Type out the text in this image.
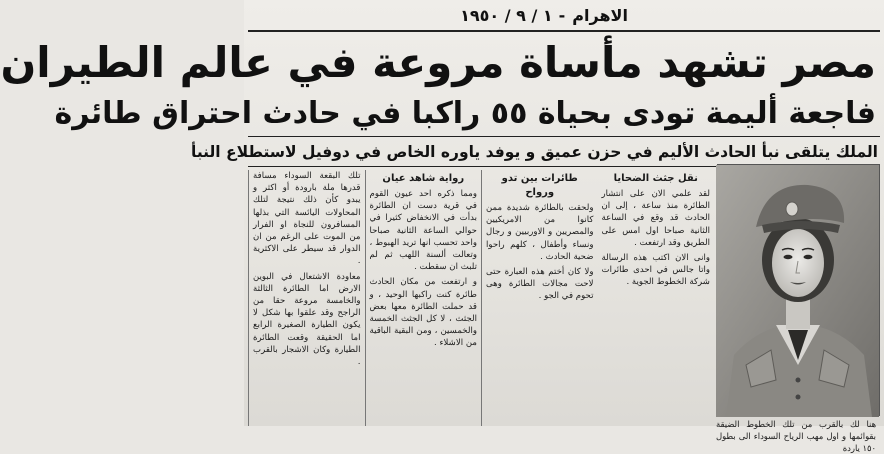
الاهرام
-
١ / ٩ / ١٩٥٠
مصر تشهد مأساة مروعة في عالم الطيران
فاجعة أليمة تودى بحياة ٥٥ راكبا في حادث احتراق طائرة
الملك يتلقى نبأ الحادث الأليم في حزن عميق و يوفد ياوره الخاص في دوفيل لاستطلاع النبأ

تلك البقعة السوداء مسافة قدرها ملة بارودة أو اكثر و يبدو كأن ذلك نتيجة لتلك المحاولات اليائسة التي بذلها المسافرون للنجاة او الفرار من الموت على الرغم من ان الدوار قد سيطر على الاكثرية .

معاودة الاشتعال في البوين الارض اما الطائرة الثالثة والخامسة مروعة حقا من الراجح وقد علقوا بها شكل لا يكون الطيارة الصغيرة الرابع اما الحقيقة وقعت الطائرة الطيارة وكان الاشجار بالقرب .

رواية شاهد عيان

ومما ذكره احد عيون القوم في قرية دست ان الطائرة بدأت في الانخفاض كثيرا في حوالي الساعة الثانية صباحا واحد تحسب انها تريد الهبوط ، وتعالت ألسنة اللهب ثم لم تلبث ان سقطت .

و ارتفعت من مكان الحادث طائرة كنت راكبها الوحيد ، و قد حملت الطائرة معها بعض الجثث ، لا كل الجثث الخمسة والخمسين ، ومن البقية الباقية من الاشلاء .

طائرات بين تدو ورواح

ولحقت بالطائرة شديدة ممن كانوا من الامريكيين والمصريين و الاوربيين و رجال ونساء وأطفال ، كلهم راحوا ضحية الحادث .

ولا كان أختم هذه العبارة حتى لاحت مجالات الطائرة وهى تحوم في الجو .

نقل جثث الضحايا

لقد علمي الان على انتشار الطائرة منذ ساعة ، إلى ان الحادث قد وقع في الساعة الثانية صباحا اول امس على الطريق وقد ارتفعت .

وانى الان اكتب هذه الرسالة واتا جالس في احدى طائرات شركة الخطوط الجوية .

هنا لك بالقرب من تلك الخطوط الضيقة بقوائمها و اول مهب الرياح السوداء الى بطول ١٥٠ ياردة
